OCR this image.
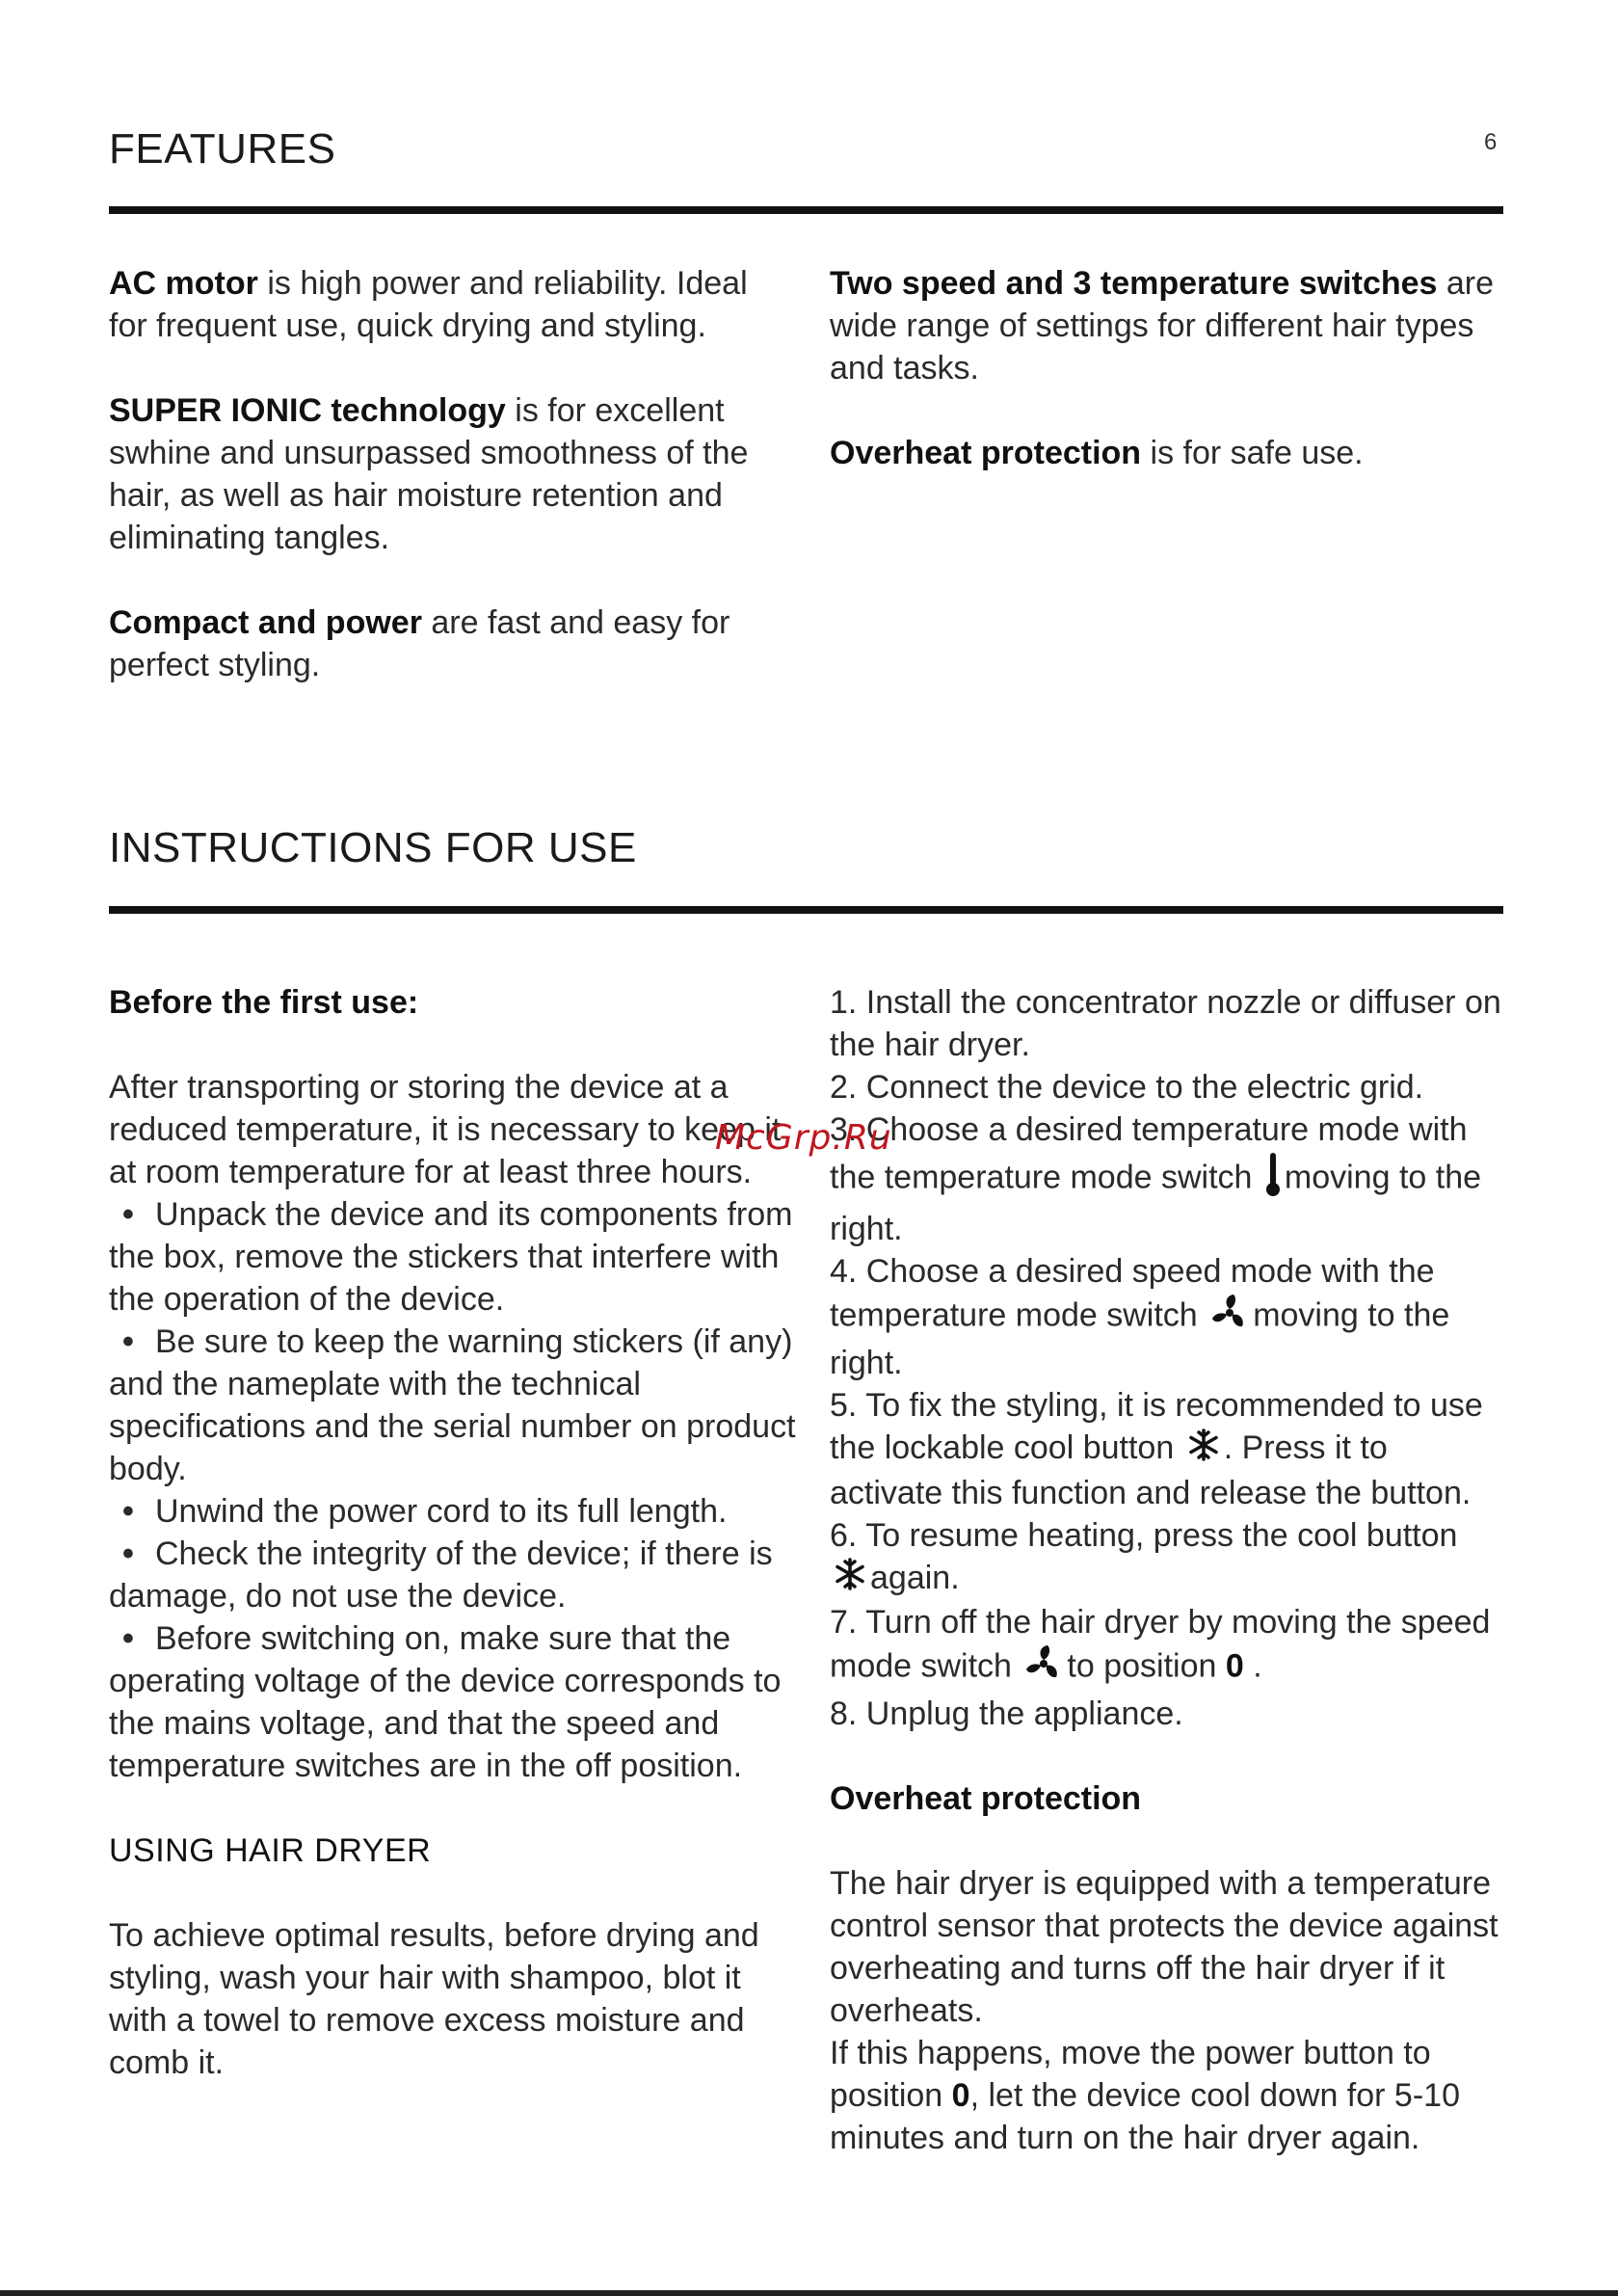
6
FEATURES

AC motor is high power and reliability. Ideal for frequent use, quick drying and styling.

SUPER IONIC technology is for excellent swhine and unsurpassed smoothness of the hair, as well as hair moisture retention and eliminating tangles.

Compact and power are fast and easy for perfect styling.

Two speed and 3 temperature switches are wide range of settings for different hair types and tasks.

Overheat protection is for safe use.

INSTRUCTIONS FOR USE

Before the first use:

After transporting or storing the device at a reduced temperature, it is necessary to keep it at room temperature for at least three hours.

• Unpack the device and its components from the box, remove the stickers that interfere with the operation of the device.

• Be sure to keep the warning stickers (if any) and the nameplate with the technical specifications and the serial number on product body.

• Unwind the power cord to its full length.

• Check the integrity of the device; if there is damage, do not use the device.

• Before switching on, make sure that the operating voltage of the device corresponds to the mains voltage, and that the speed and temperature switches are in the off position.

USING HAIR DRYER

To achieve optimal results, before drying and styling, wash your hair with shampoo, blot it with a towel to remove excess moisture and comb it.

1. Install the concentrator nozzle or diffuser on the hair dryer.

2. Connect the device to the electric grid.

3. Choose a desired temperature mode with the temperature mode switch moving to the right.

4. Choose a desired speed mode with the temperature mode switch moving to the right.

5. To fix the styling, it is recommended to use the lockable cool button . Press it to activate this function and release the button.

6. To resume heating, press the cool button again.

7. Turn off the hair dryer by moving the speed mode switch to position 0 .

8. Unplug the appliance.

Overheat protection

The hair dryer is equipped with a temperature control sensor that protects the device against overheating and turns off the hair dryer if it overheats.

If this happens, move the power button to position 0, let the device cool down for 5-10 minutes and turn on the hair dryer again.

McGrp.Ru
